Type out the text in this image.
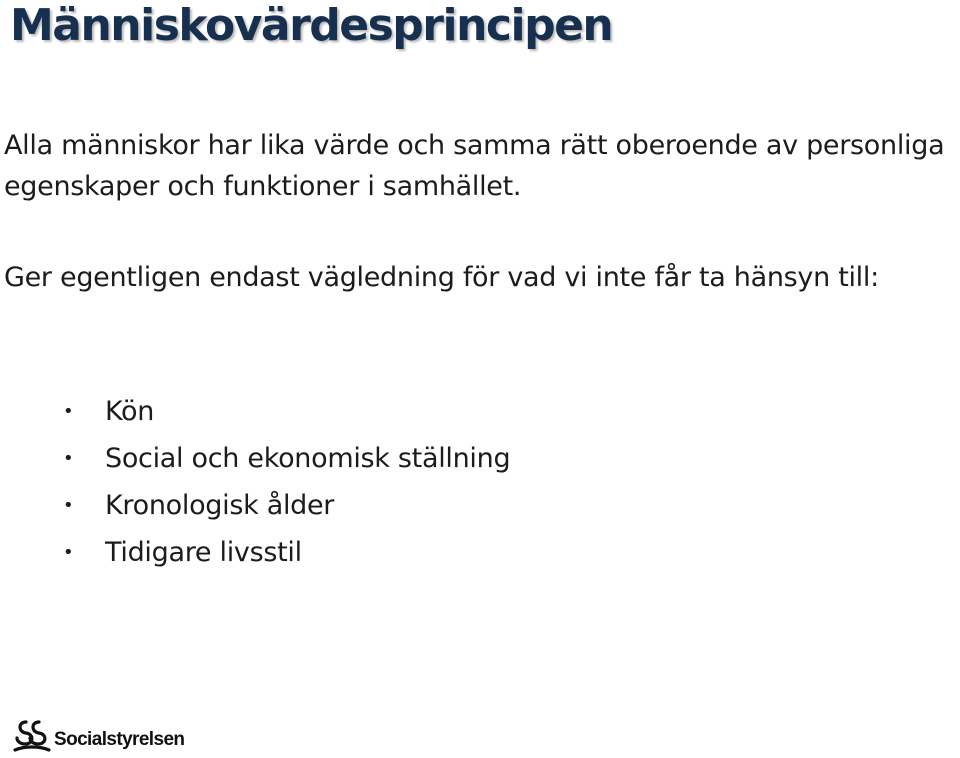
Människovärdesprincipen

Alla människor har lika värde och samma rätt oberoende av personliga egenskaper och funktioner i samhället.

Ger egentligen endast vägledning för vad vi inte får ta hänsyn till:

• Kön
• Social och ekonomisk ställning
• Kronologisk ålder
• Tidigare livsstil
Socialstyrelsen
